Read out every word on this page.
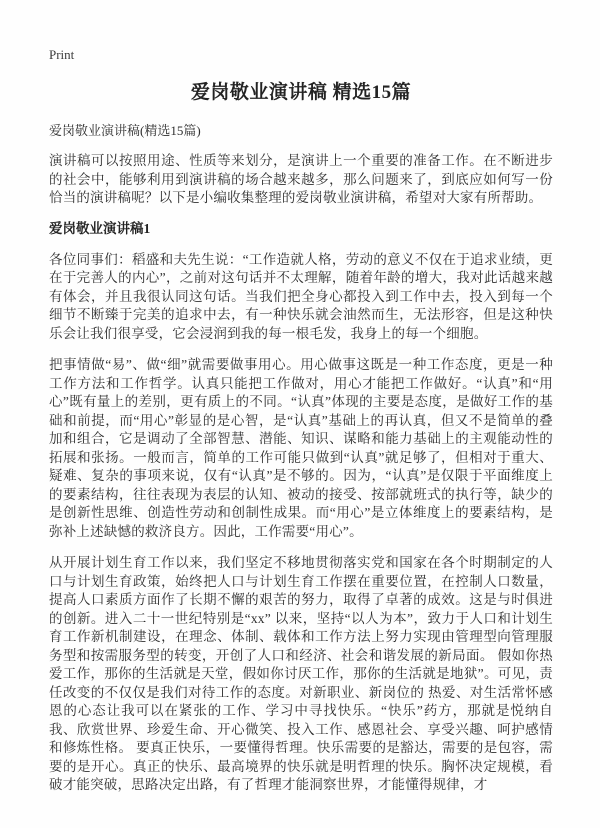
Print
爱岗敬业演讲稿 精选15篇
爱岗敬业演讲稿(精选15篇)

演讲稿可以按照用途、性质等来划分，是演讲上一个重要的准备工作。在不断进步的社会中，能够利用到演讲稿的场合越来越多，那么问题来了，到底应如何写一份恰当的演讲稿呢？以下是小编收集整理的爱岗敬业演讲稿，希望对大家有所帮助。

爱岗敬业演讲稿1

各位同事们：稻盛和夫先生说：“工作造就人格，劳动的意义不仅在于追求业绩，更在于完善人的内心”，之前对这句话并不太理解，随着年龄的增大，我对此话越来越有体会，并且我很认同这句话。当我们把全身心都投入到工作中去，投入到每一个细节不断臻于完美的追求中去，有一种快乐就会油然而生，无法形容，但是这种快乐会让我们很享受，它会浸润到我的每一根毛发，我身上的每一个细胞。

把事情做“易”、做“细”就需要做事用心。用心做事这既是一种工作态度，更是一种工作方法和工作哲学。认真只能把工作做对，用心才能把工作做好。“认真”和“用心”既有量上的差别，更有质上的不同。“认真”体现的主要是态度，是做好工作的基础和前提，而“用心”彰显的是心智，是“认真”基础上的再认真，但又不是简单的叠加和组合，它是调动了全部智慧、潜能、知识、谋略和能力基础上的主观能动性的拓展和张扬。一般而言，简单的工作可能只做到“认真”就足够了，但相对于重大、疑难、复杂的事项来说，仅有“认真”是不够的。因为，“认真”是仅限于平面维度上的要素结构，往往表现为表层的认知、被动的接受、按部就班式的执行等，缺少的是创新性思维、创造性劳动和创制性成果。而“用心”是立体维度上的要素结构，是弥补上述缺憾的救济良方。因此，工作需要“用心”。

从开展计划生育工作以来，我们坚定不移地贯彻落实党和国家在各个时期制定的人口与计划生育政策，始终把人口与计划生育工作摆在重要位置，在控制人口数量，提高人口素质方面作了长期不懈的艰苦的努力，取得了卓著的成效。这是与时俱进的创新。进入二十一世纪特别是“xx” 以来，坚持“以人为本”，致力于人口和计划生育工作新机制建设，在理念、体制、载体和工作方法上努力实现由管理型向管理服务型和按需服务型的转变，开创了人口和经济、社会和谐发展的新局面。 假如你热爱工作，那你的生活就是天堂，假如你讨厌工作，那你的生活就是地狱”。可见，责任改变的不仅仅是我们对待工作的态度。对新职业、新岗位的 热爱、对生活常怀感恩的心态让我可以在紧张的工作、学习中寻找快乐。“快乐”药方，那就是悦纳自我、欣赏世界、珍爱生命、开心微笑、投入工作、感恩社会、享受兴趣、呵护感情和修炼性格。 要真正快乐，一要懂得哲理。快乐需要的是豁达，需要的是包容，需要的是开心。真正的快乐、最高境界的快乐就是明哲理的快乐。胸怀决定规模，看破才能突破，思路决定出路，有了哲理才能洞察世界，才能懂得规律，才
